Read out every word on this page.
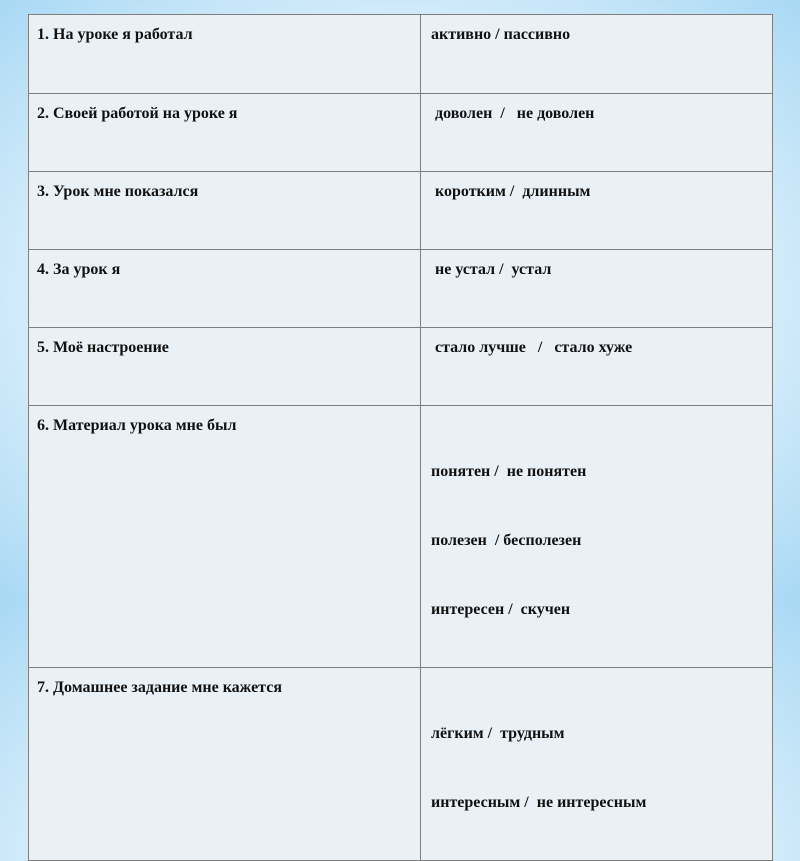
1. На уроке я работал	активно / пассивно

2. Своей работой на уроке я	доволен  /   не доволен

3. Урок мне показался	коротким /  длинным

4. За урок я	не устал /  устал

5. Моё настроение	стало лучше   /   стало хуже

6. Материал урока мне был	понятен /  не понятен

полезен  / бесполезен

интересен /  скучен

7. Домашнее задание мне кажется	лёгким /  трудным

интересным /  не интересным
